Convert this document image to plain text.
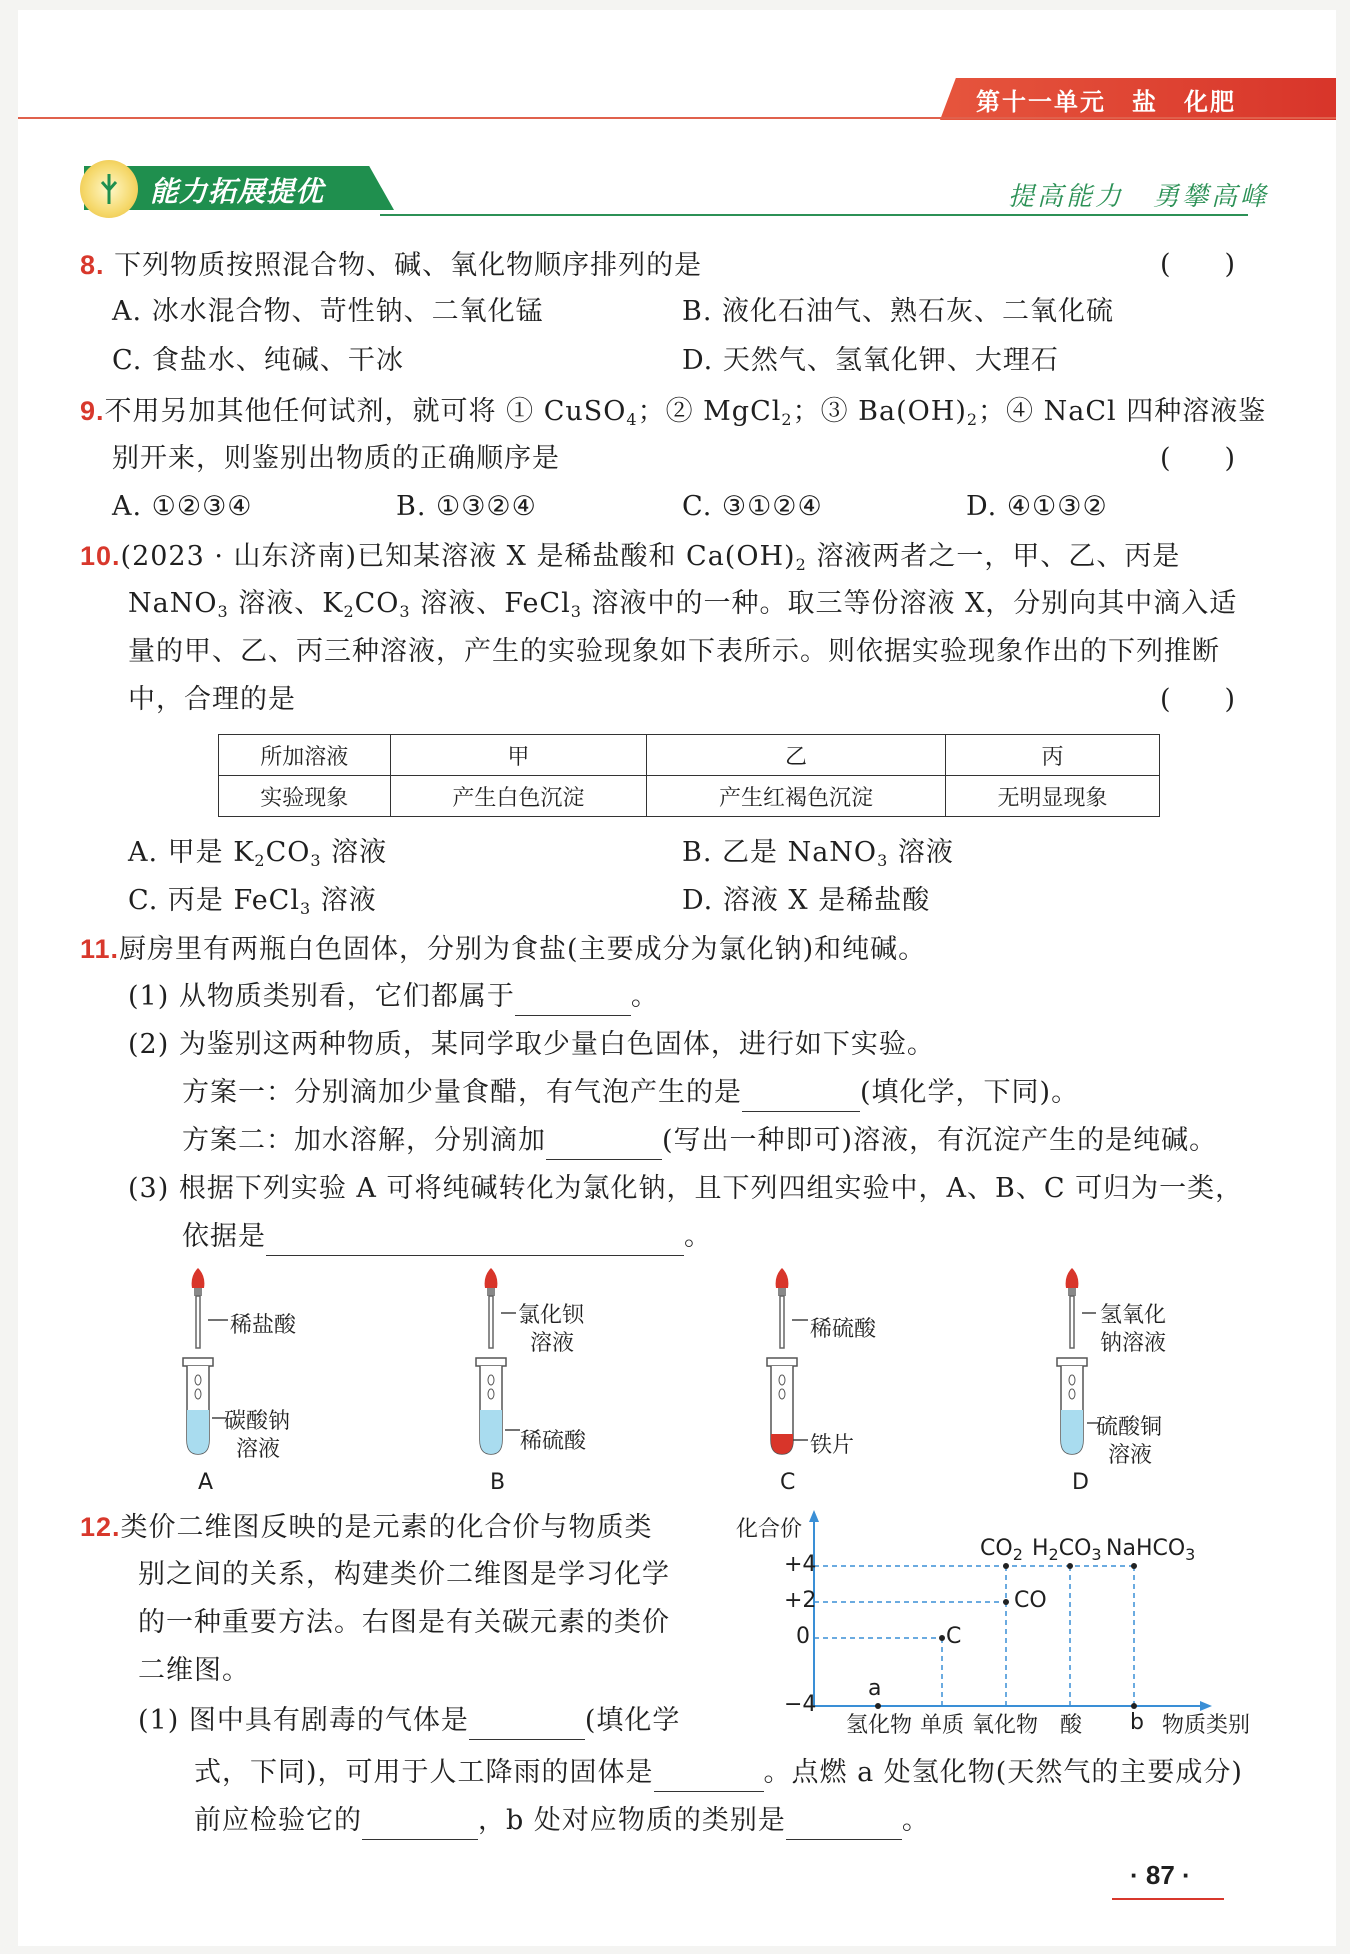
第十一单元　盐　化肥
能力拓展提优	提高能力　勇攀高峰
8. 下列物质按照混合物、碱、氧化物顺序排列的是	(　　)
A. 冰水混合物、苛性钠、二氧化锰	B. 液化石油气、熟石灰、二氧化硫
C. 食盐水、纯碱、干冰	D. 天然气、氢氧化钾、大理石
9.不用另加其他任何试剂，就可将 ① CuSO$_4$；② MgCl$_2$；③ $Ba(OH)_2$；④ NaCl 四种溶液鉴
别开来，则鉴别出物质的正确顺序是	(　　)
A. ①②③④	B. ①③②④	C. ③①②④	D. ④①③②
10.(2023 · 山东济南)已知某溶液 X 是稀盐酸和 $Ca(OH)_2$ 溶液两者之一，甲、乙、丙是
NaNO$_3$ 溶液、$K_2CO_3$ 溶液、FeCl$_3$ 溶液中的一种。取三等份溶液 X，分别向其中滴入适
量的甲、乙、丙三种溶液，产生的实验现象如下表所示。则依据实验现象作出的下列推断
中，合理的是	(　　)
所加溶液	甲	乙	丙
实验现象	产生白色沉淀	产生红褐色沉淀	无明显现象
A. 甲是 $K_2CO_3$ 溶液	B. 乙是 NaNO$_3$ 溶液
C. 丙是 FeCl$_3$ 溶液	D. 溶液 X 是稀盐酸
11.厨房里有两瓶白色固体，分别为食盐(主要成分为氯化钠)和纯碱。
(1) 从物质类别看，它们都属于	。
(2) 为鉴别这两种物质，某同学取少量白色固体，进行如下实验。
方案一：分别滴加少量食醋，有气泡产生的是	(填化学，下同)。
方案二：加水溶解，分别滴加	(写出一种即可)溶液，有沉淀产生的是纯碱。
(3) 根据下列实验 A 可将纯碱转化为氯化钠，且下列四组实验中，A、B、C 可归为一类，
依据是	。
稀盐酸
碳酸钠
溶液
A
氯化钡
溶液
稀硫酸
B
稀硫酸
铁片
C
氢氧化
钠溶液
硫酸铜
溶液
D
12.类价二维图反映的是元素的化合价与物质类
别之间的关系，构建类价二维图是学习化学
的一种重要方法。右图是有关碳元素的类价
二维图。
(1) 图中具有剧毒的气体是	(填化学
式，下同)，可用于人工降雨的固体是	。点燃 a 处氢化物(天然气的主要成分)
前应检验它的	，b 处对应物质的类别是	。
化合价
+4
+2
0
−4
氢化物 单质 氧化物 酸 b 物质类别
a
C
CO
$CO_2$ $H_2CO_3$ NaHCO$_3$
· 87 ·
